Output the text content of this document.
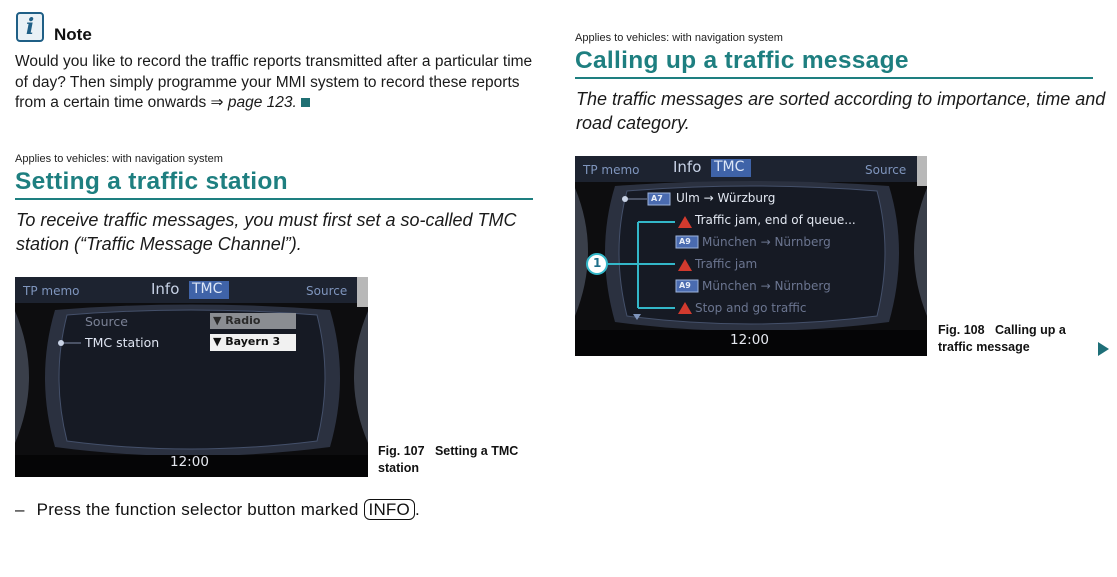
i Note
Would you like to record the traffic reports transmitted after a particular time of day? Then simply programme your MMI system to record these reports from a certain time onwards ⇒ page 123.
Applies to vehicles: with navigation system
Setting a traffic station
To receive traffic messages, you must first set a so-called TMC station (“Traffic Message Channel”).
TP memo	Info TMC	Source
Source
TMC station
▼ Radio
▼ Bayern 3
12:00
Fig. 107 Setting a TMC station
– Press the function selector button marked INFO .
Applies to vehicles: with navigation system
Calling up a traffic message
The traffic messages are sorted according to importance, time and road category.
TP memo Info TMC	Source
1
A7 Ulm → Würzburg
Traffic jam, end of queue...
A9 München → Nürnberg
Traffic jam
A9 München → Nürnberg
Stop and go traffic
12:00
Fig. 108 Calling up a traffic message
